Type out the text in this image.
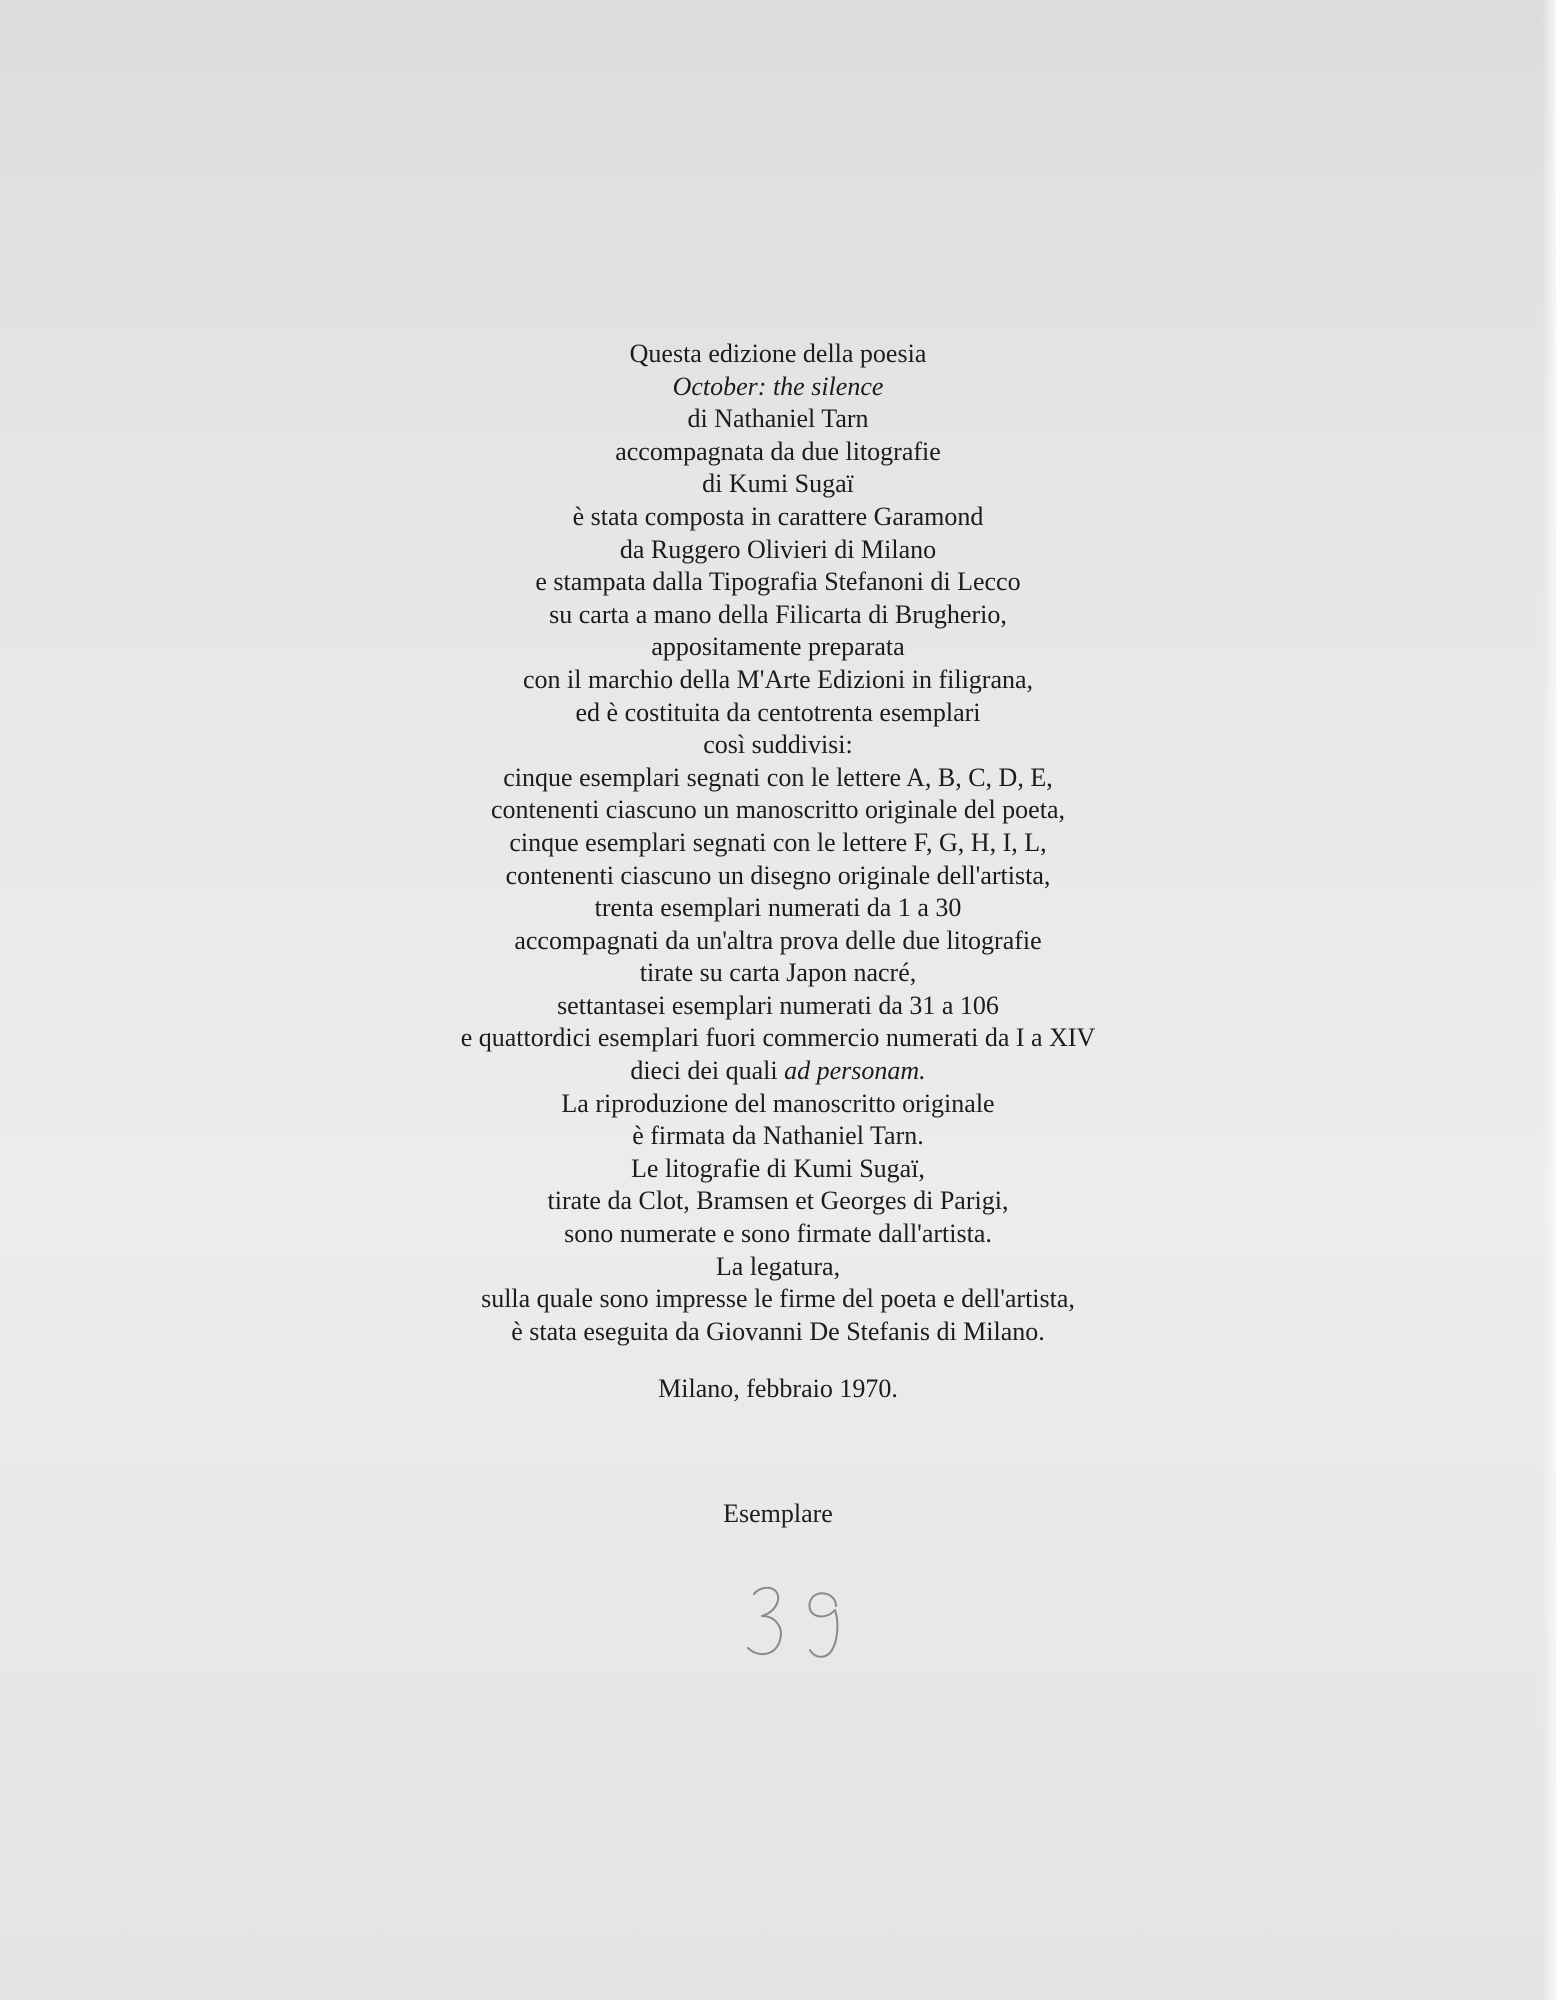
Questa edizione della poesia
October: the silence
di Nathaniel Tarn
accompagnata da due litografie
di Kumi Sugaï
è stata composta in carattere Garamond
da Ruggero Olivieri di Milano
e stampata dalla Tipografia Stefanoni di Lecco
su carta a mano della Filicarta di Brugherio,
appositamente preparata
con il marchio della M'Arte Edizioni in filigrana,
ed è costituita da centotrenta esemplari
così suddivisi:
cinque esemplari segnati con le lettere A, B, C, D, E,
contenenti ciascuno un manoscritto originale del poeta,
cinque esemplari segnati con le lettere F, G, H, I, L,
contenenti ciascuno un disegno originale dell'artista,
trenta esemplari numerati da 1 a 30
accompagnati da un'altra prova delle due litografie
tirate su carta Japon nacré,
settantasei esemplari numerati da 31 a 106
e quattordici esemplari fuori commercio numerati da I a XIV
dieci dei quali ad personam.
La riproduzione del manoscritto originale
è firmata da Nathaniel Tarn.
Le litografie di Kumi Sugaï,
tirate da Clot, Bramsen et Georges di Parigi,
sono numerate e sono firmate dall'artista.
La legatura,
sulla quale sono impresse le firme del poeta e dell'artista,
è stata eseguita da Giovanni De Stefanis di Milano.
Milano, febbraio 1970.
Esemplare
